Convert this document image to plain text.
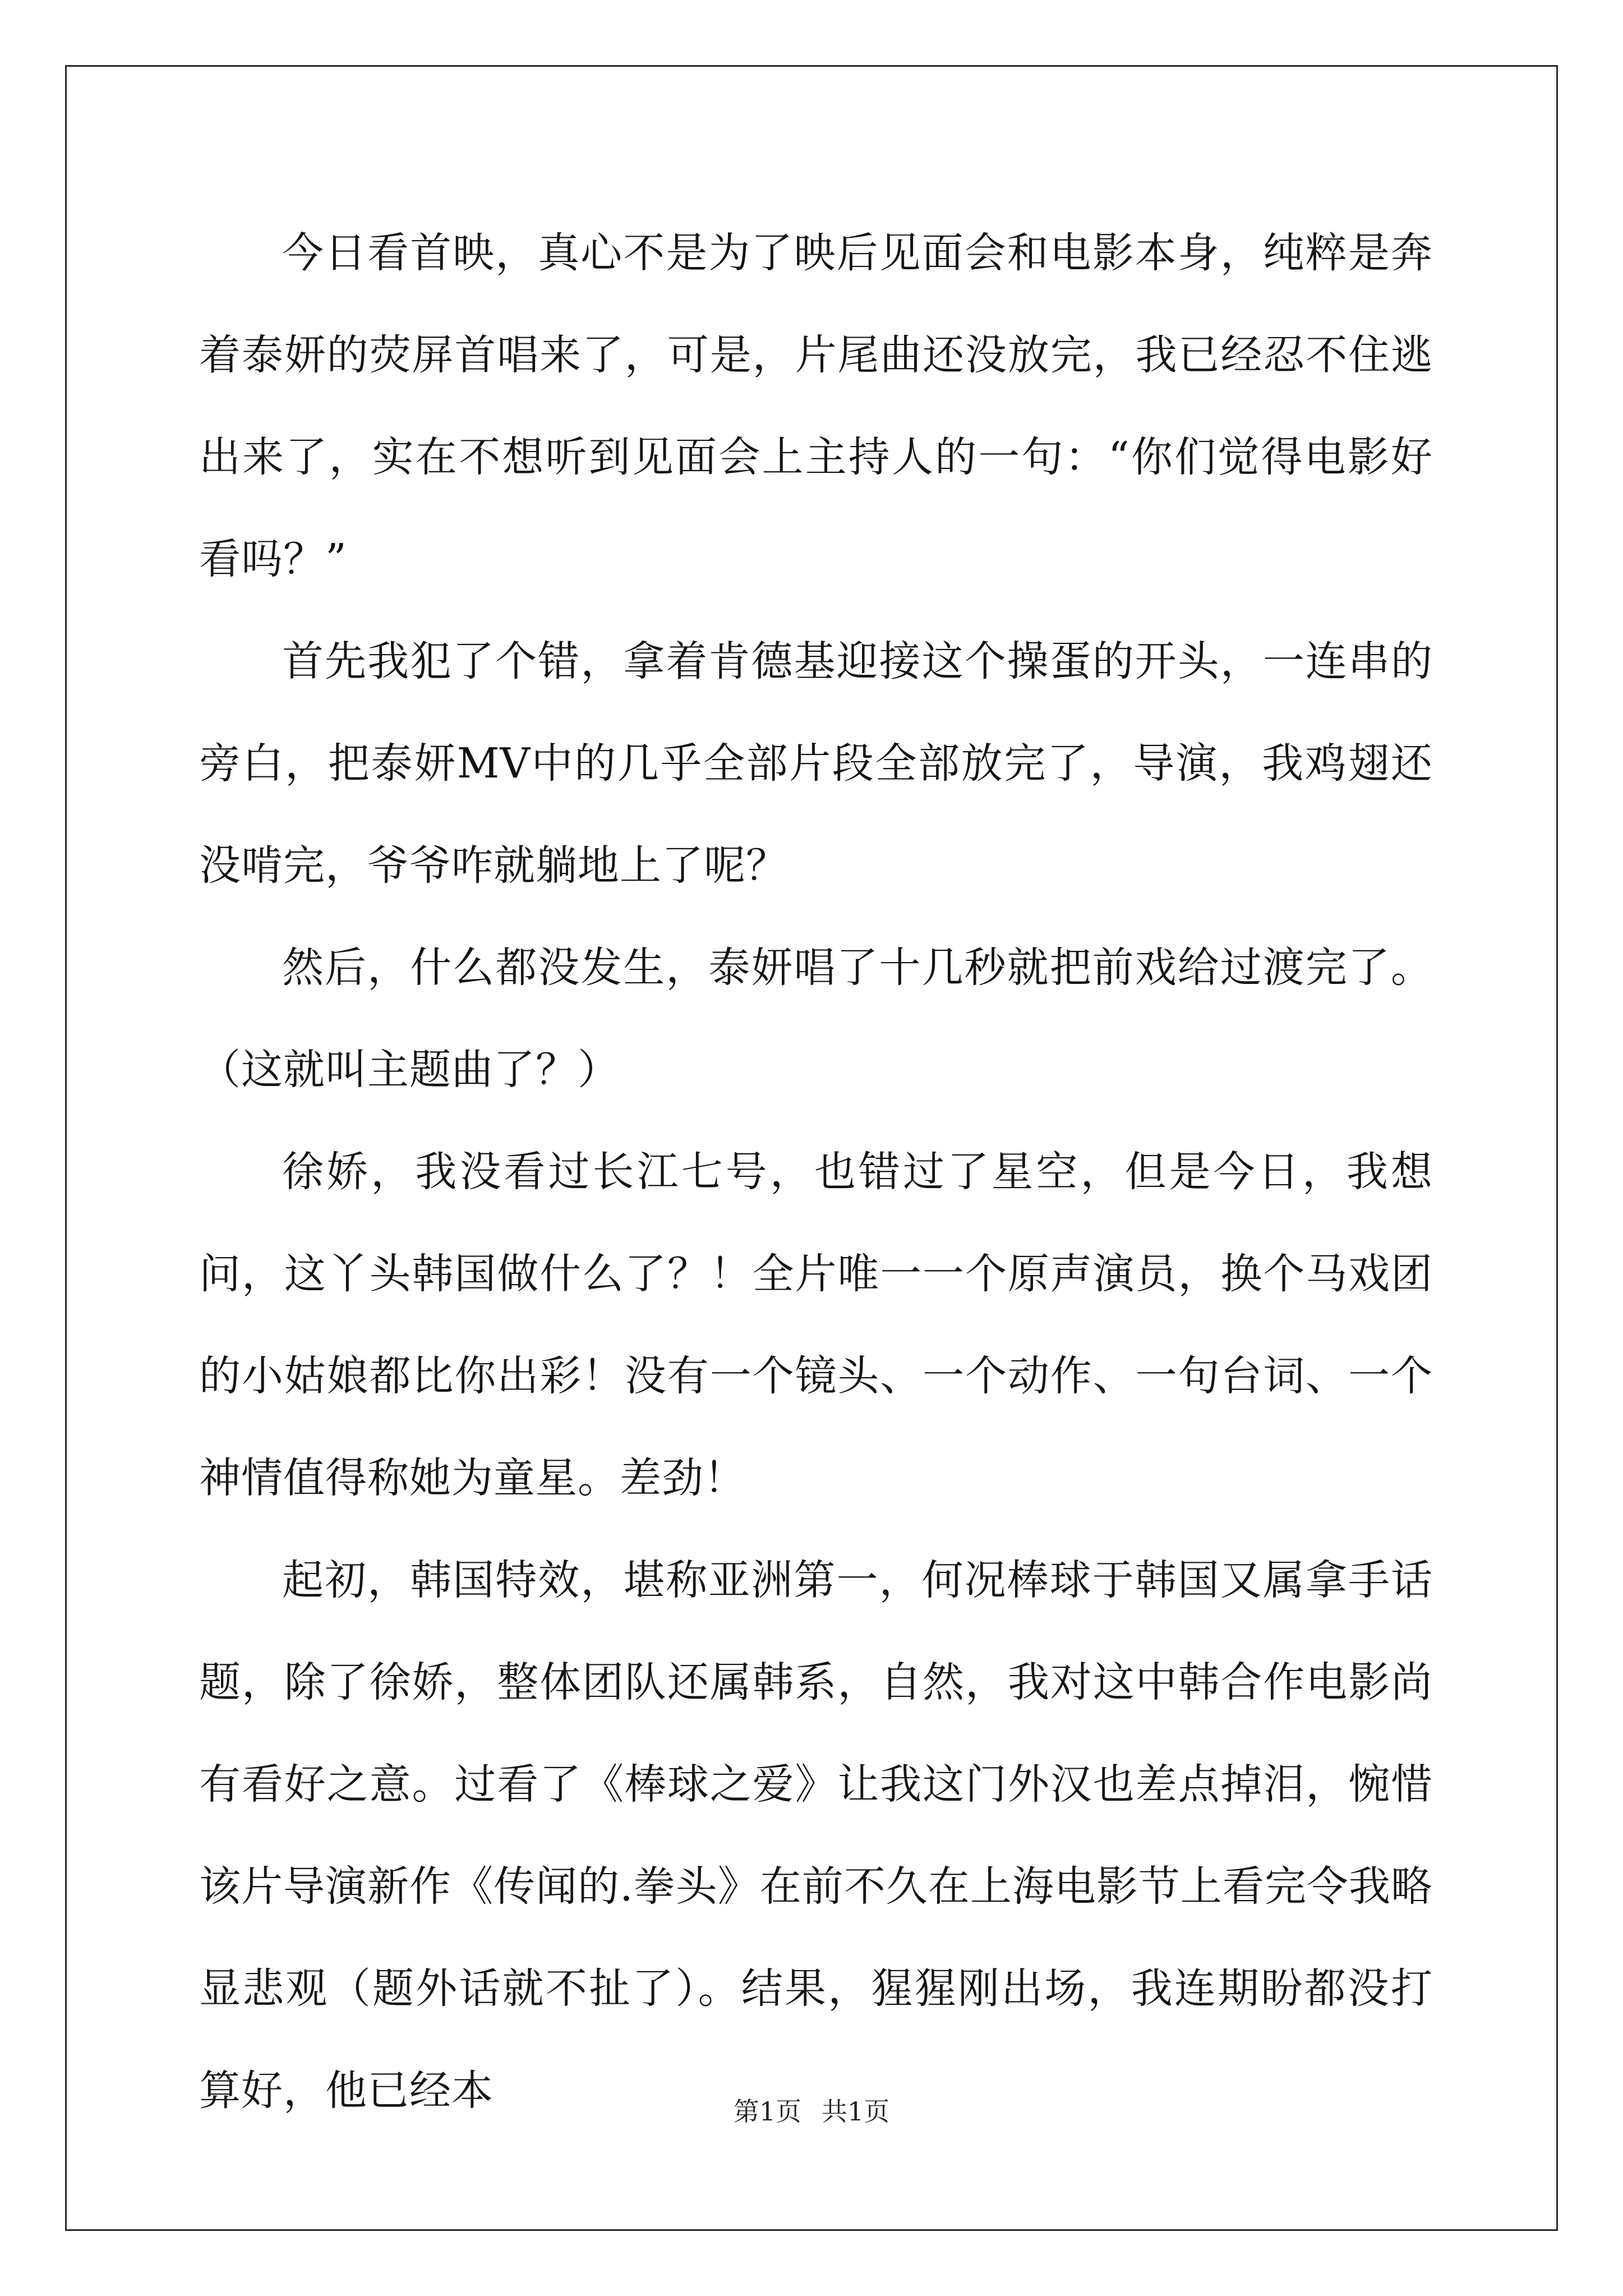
今日看首映，真心不是为了映后见面会和电影本身，纯粹是奔着泰妍的荧屏首唱来了，可是，片尾曲还没放完，我已经忍不住逃出来了，实在不想听到见面会上主持人的一句：“你们觉得电影好看吗？”

首先我犯了个错，拿着肯德基迎接这个操蛋的开头，一连串的旁白，把泰妍MV中的几乎全部片段全部放完了，导演，我鸡翅还没啃完，爷爷咋就躺地上了呢？

然后，什么都没发生，泰妍唱了十几秒就把前戏给过渡完了。（这就叫主题曲了？）

徐娇，我没看过长江七号，也错过了星空，但是今日，我想问，这丫头韩国做什么了？！全片唯一一个原声演员，换个马戏团的小姑娘都比你出彩！没有一个镜头、一个动作、一句台词、一个神情值得称她为童星。差劲！

起初，韩国特效，堪称亚洲第一，何况棒球于韩国又属拿手话题，除了徐娇，整体团队还属韩系，自然，我对这中韩合作电影尚有看好之意。过看了《棒球之爱》让我这门外汉也差点掉泪，惋惜该片导演新作《传闻的.拳头》在前不久在上海电影节上看完令我略显悲观（题外话就不扯了）。结果，猩猩刚出场，我连期盼都没打算好，他已经本	第1页 共1页
